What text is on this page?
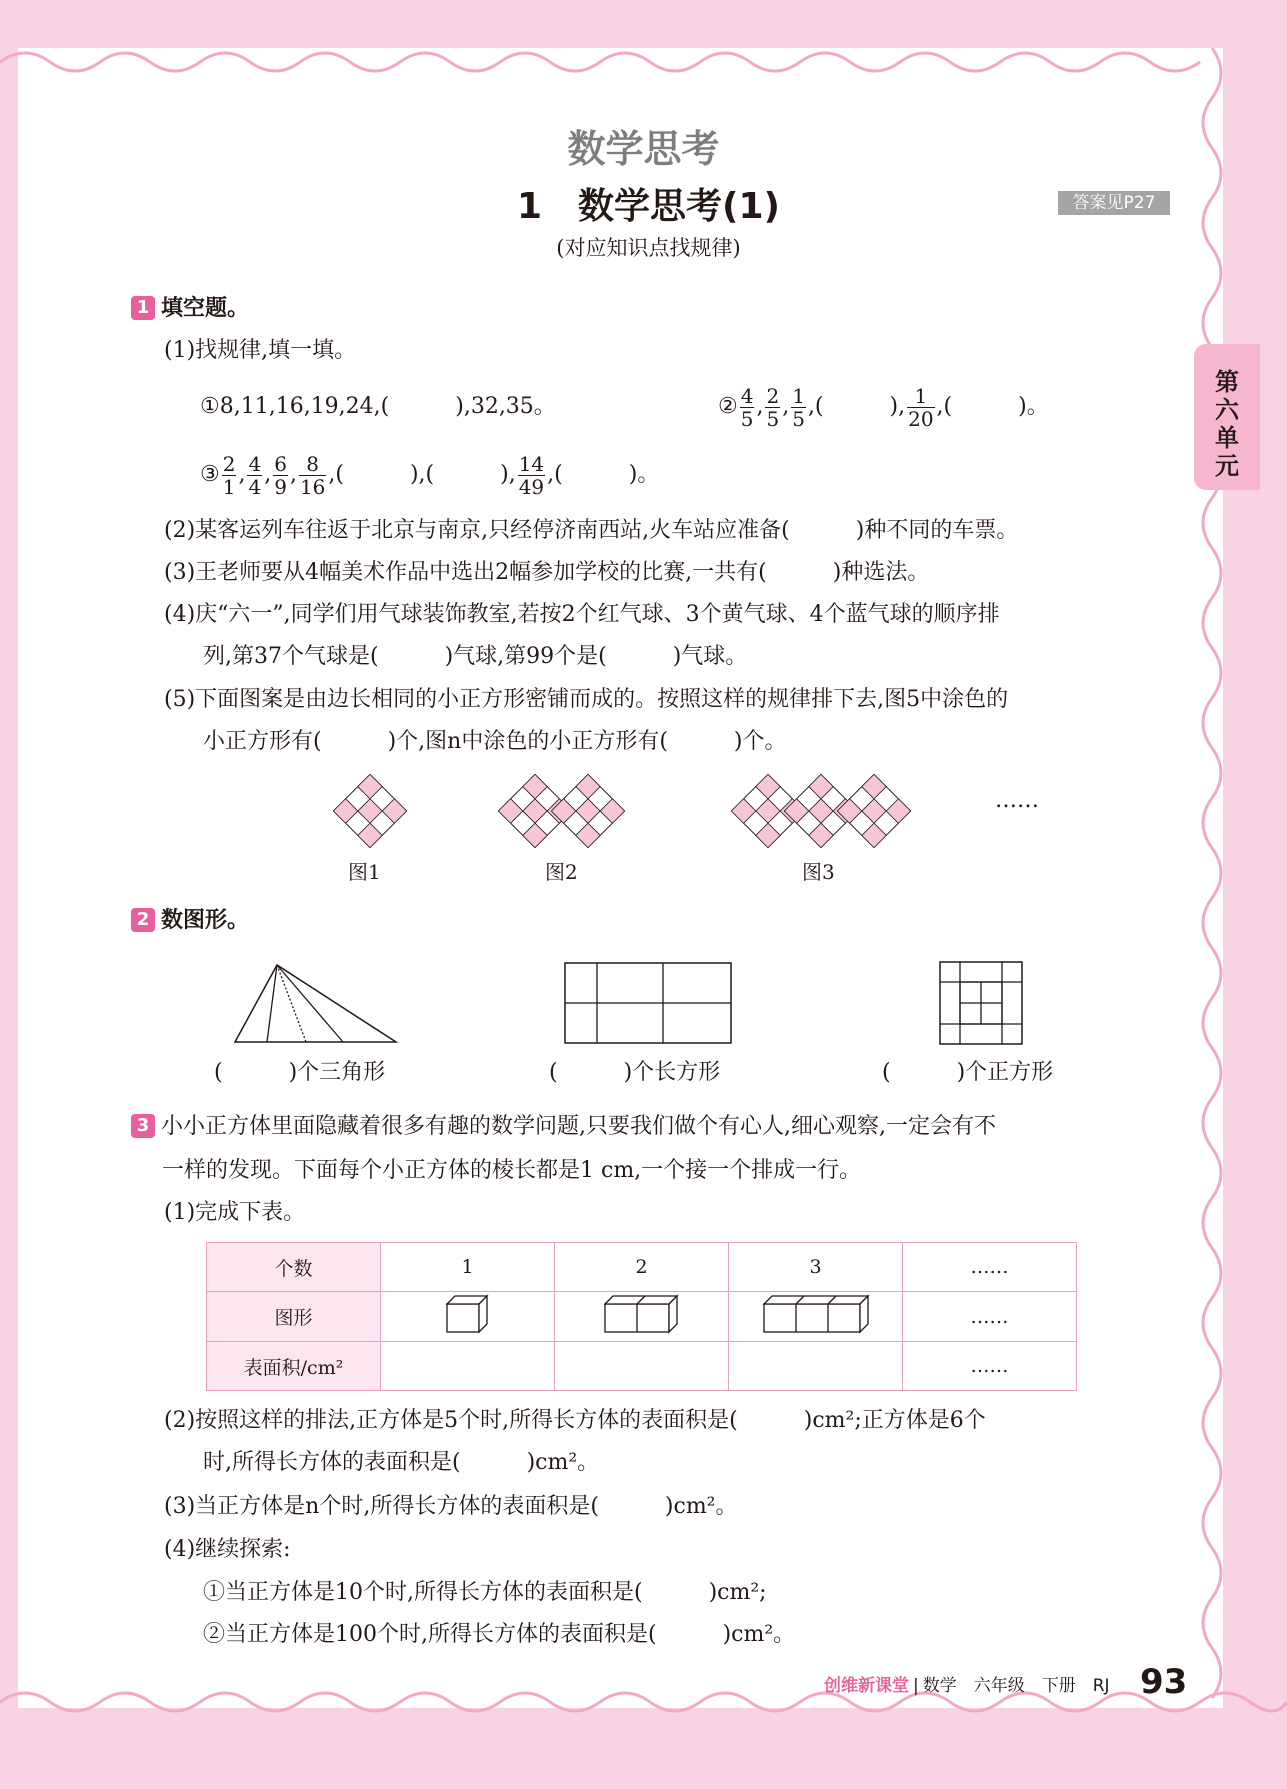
第
六
单
元
数学思考
1　数学思考(1)	答案见P27
(对应知识点找规律)
1 填空题。
(1)找规律,填一填。
①8,11,16,19,24,(　　　),32,35。	② $\frac{4}{5}$ , $\frac{2}{5}$ , $\frac{1}{5}$ ,(　　　), $\frac{1}{20}$ ,(　　　)。
③ $\frac{2}{1}$ , $\frac{4}{4}$ , $\frac{6}{9}$ , $\frac{8}{16}$ ,(　　　),(　　　), $\frac{14}{49}$ ,(　　　)。
(2)某客运列车往返于北京与南京,只经停济南西站,火车站应准备(　　　)种不同的车票。
(3)王老师要从4幅美术作品中选出2幅参加学校的比赛,一共有(　　　)种选法。
(4)庆“六一”,同学们用气球装饰教室,若按2个红气球、3个黄气球、4个蓝气球的顺序排
列,第37个气球是(　　　)气球,第99个是(　　　)气球。
(5)下面图案是由边长相同的小正方形密铺而成的。按照这样的规律排下去,图5中涂色的
小正方形有(　　　)个,图n中涂色的小正方形有(　　　)个。
……
图1	图2	图3
2 数图形。
(　　　)个三角形	(　　　)个长方形	(　　　)个正方形
3 小小正方体里面隐藏着很多有趣的数学问题,只要我们做个有心人,细心观察,一定会有不
一样的发现。下面每个小正方体的棱长都是1 cm,一个接一个排成一行。
(1)完成下表。
个数	1	2	3	……
图形				……
表面积/cm²				……
(2)按照这样的排法,正方体是5个时,所得长方体的表面积是(　　　)cm²;正方体是6个
时,所得长方体的表面积是(　　　)cm²。
(3)当正方体是n个时,所得长方体的表面积是(　　　)cm²。
(4)继续探索:
①当正方体是10个时,所得长方体的表面积是(　　　)cm²;
②当正方体是100个时,所得长方体的表面积是(　　　)cm²。
创维新课堂 | 数学　六年级　下册　RJ 93
